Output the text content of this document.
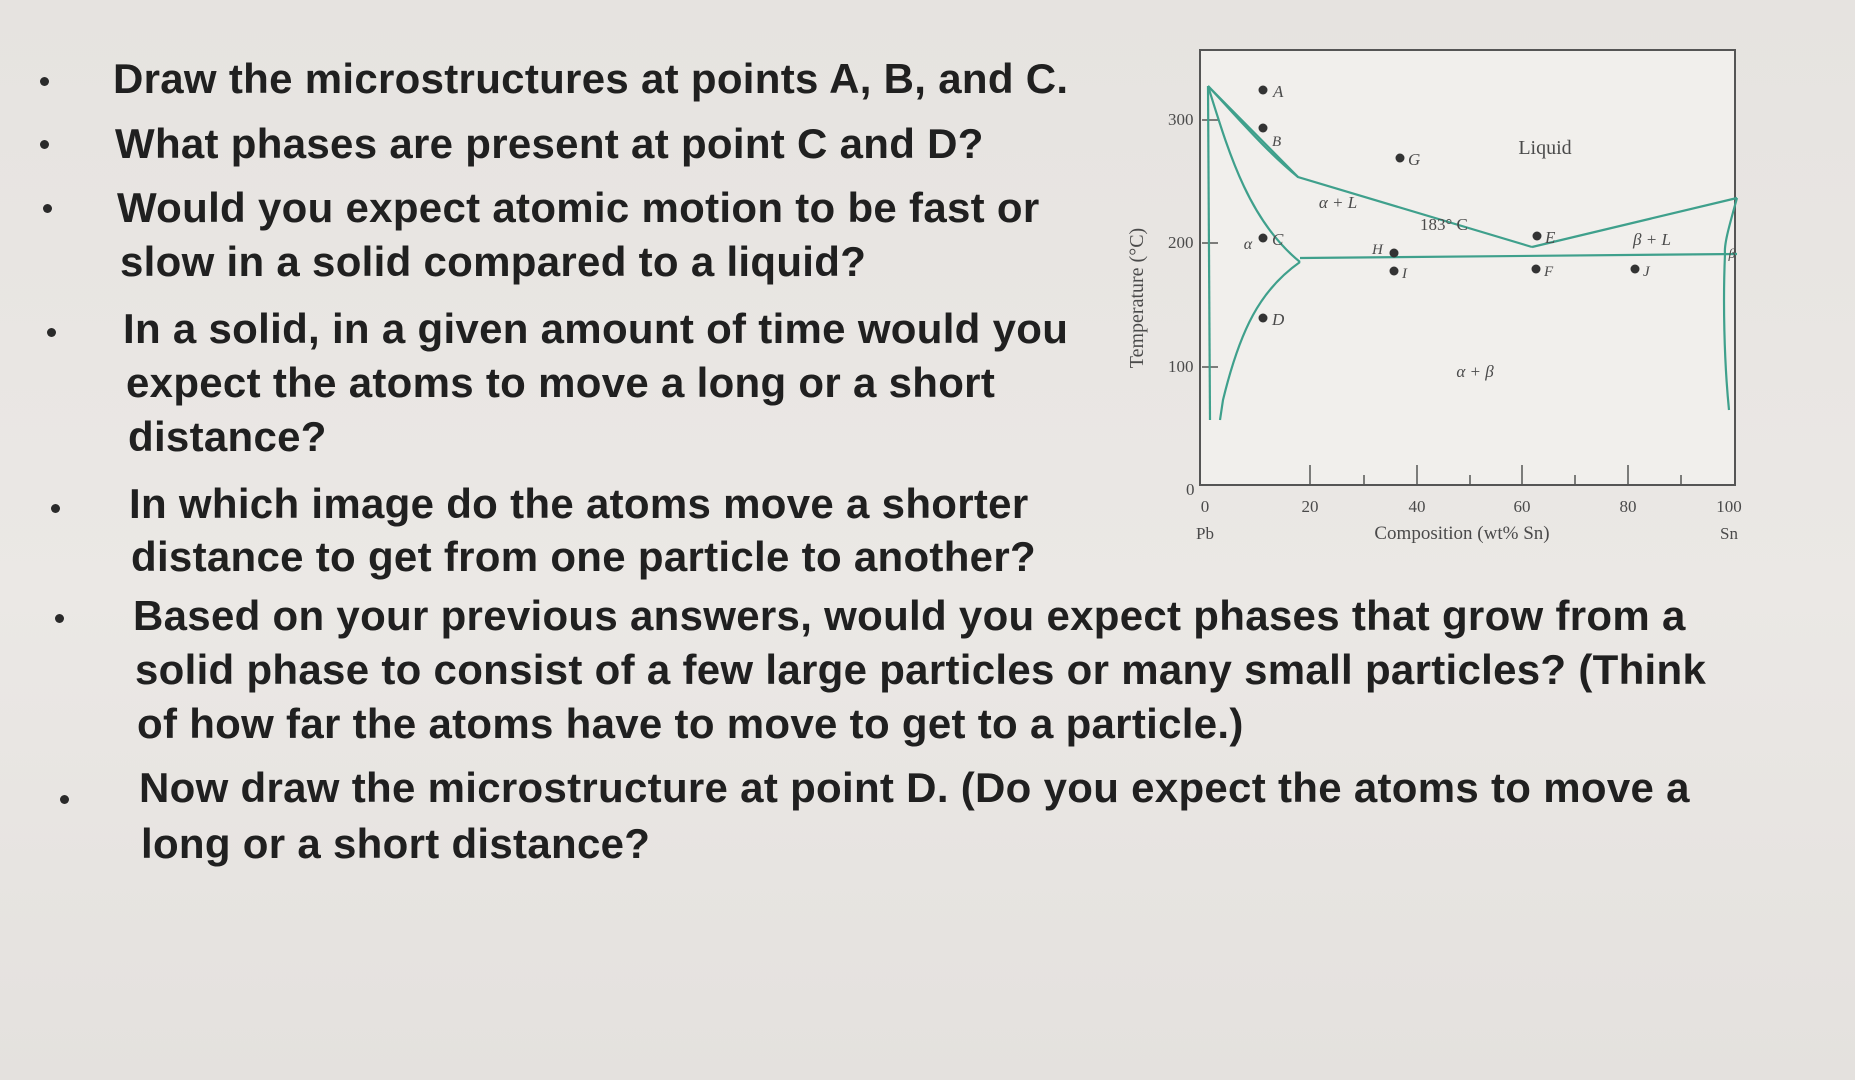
Draw the microstructures at points A, B, and C.
What phases are present at point C and D?
Would you expect atomic motion to be fast or
slow in a solid compared to a liquid?
In a solid, in a given amount of time would you
expect the atoms to move a long or a short
distance?
In which image do the atoms move a shorter
distance to get from one particle to another?
Based on your previous answers, would you expect phases that grow from a
solid phase to consist of a few large particles or many small particles? (Think
of how far the atoms have to move to get to a particle.)
Now draw the microstructure at point D. (Do you expect the atoms to move a
long or a short distance?
Temperature (°C)
300
200
100
0
0	20	40	60	80	100
Pb	Sn
Composition (wt% Sn)
Liquid
α + L
β + L
α + β
α
β
183° C
A
B
C
D
E
F
G
H
I	J
